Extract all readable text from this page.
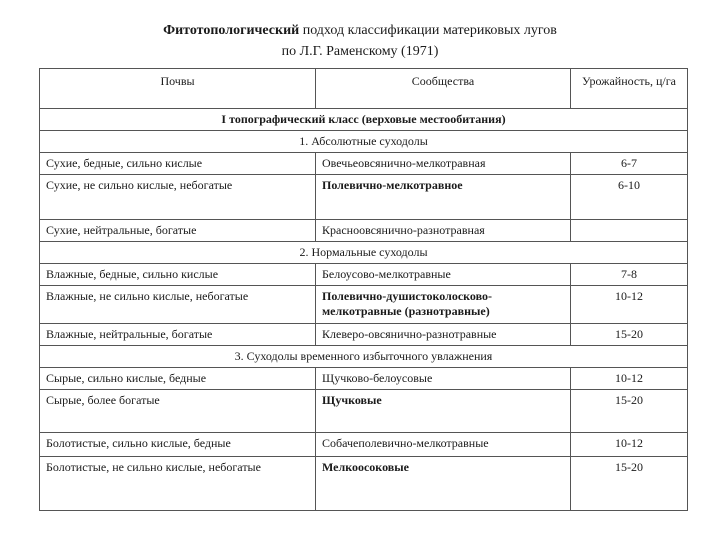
Фитотопологический подход классификации материковых лугов
по Л.Г. Раменскому (1971)
Почвы	Сообщества	Урожайность, ц/га
I топографический класс (верховые местообитания)		
1. Абсолютные суходолы		
Сухие, бедные, сильно кислые	Овечьеовсянично-мелкотравная	6-7
Сухие, не сильно кислые, небогатые	Полевично-мелкотравное	6-10
Сухие, нейтральные, богатые	Красноовсянично-разнотравная	
2. Нормальные суходолы		
Влажные, бедные, сильно кислые	Белоусово-мелкотравные	7-8
Влажные, не сильно кислые, небогатые	Полевично-душистоколосково-мелкотравные (разнотравные)	10-12
Влажные, нейтральные, богатые	Клеверо-овсянично-разнотравные	15-20
3. Суходолы временного избыточного увлажнения		
Сырые, сильно кислые, бедные	Щучково-белоусовые	10-12
Сырые, более богатые	Щучковые	15-20
Болотистые, сильно кислые, бедные	Собачеполевично-мелкотравные	10-12
Болотистые, не сильно кислые, небогатые	Мелкоосоковые	15-20
